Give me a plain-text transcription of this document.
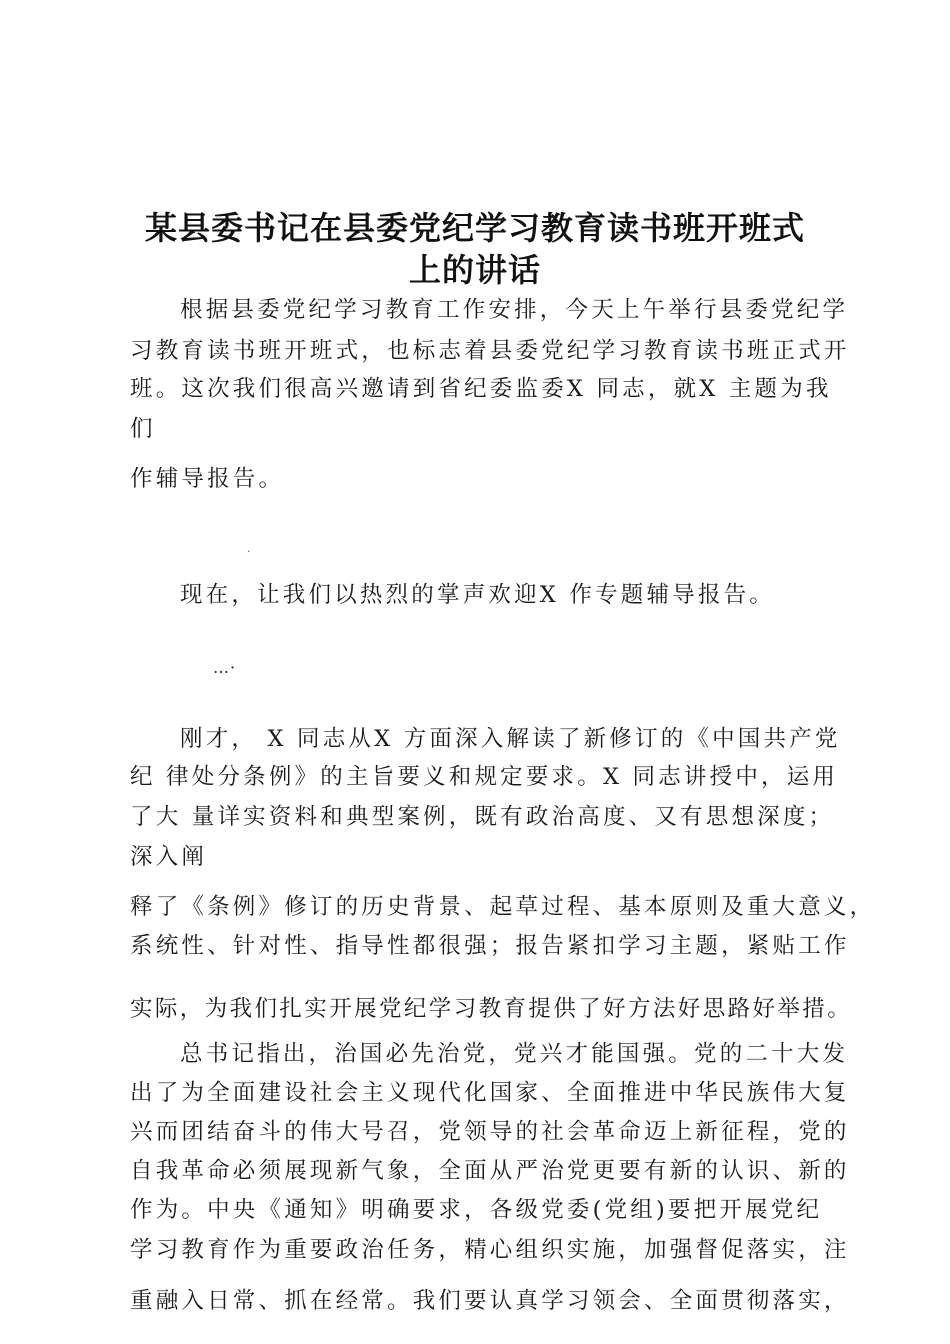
某县委书记在县委党纪学习教育读书班开班式
上的讲话
根据县委党纪学习教育工作安排，今天上午举行县委党纪学
习教育读书班开班式，也标志着县委党纪学习教育读书班正式开
班。这次我们很高兴邀请到省纪委监委X 同志，就X 主题为我
们
作辅导报告。
.
现在，让我们以热烈的掌声欢迎X 作专题辅导报告。
…·
刚才， X 同志从X 方面深入解读了新修订的《中国共产党
纪 律处分条例》的主旨要义和规定要求。X 同志讲授中，运用
了大 量详实资料和典型案例，既有政治高度、又有思想深度；
深入阐
释了《条例》修订的历史背景、起草过程、基本原则及重大意义，
系统性、针对性、指导性都很强；报告紧扣学习主题，紧贴工作
实际，为我们扎实开展党纪学习教育提供了好方法好思路好举措。
总书记指出，治国必先治党，党兴才能国强。党的二十大发
出了为全面建设社会主义现代化国家、全面推进中华民族伟大复
兴而团结奋斗的伟大号召，党领导的社会革命迈上新征程，党的
自我革命必须展现新气象，全面从严治党更要有新的认识、新的
作为。中央《通知》明确要求，各级党委(党组)要把开展党纪
学习教育作为重要政治任务，精心组织实施，加强督促落实，注
重融入日常、抓在经常。我们要认真学习领会、全面贯彻落实，
